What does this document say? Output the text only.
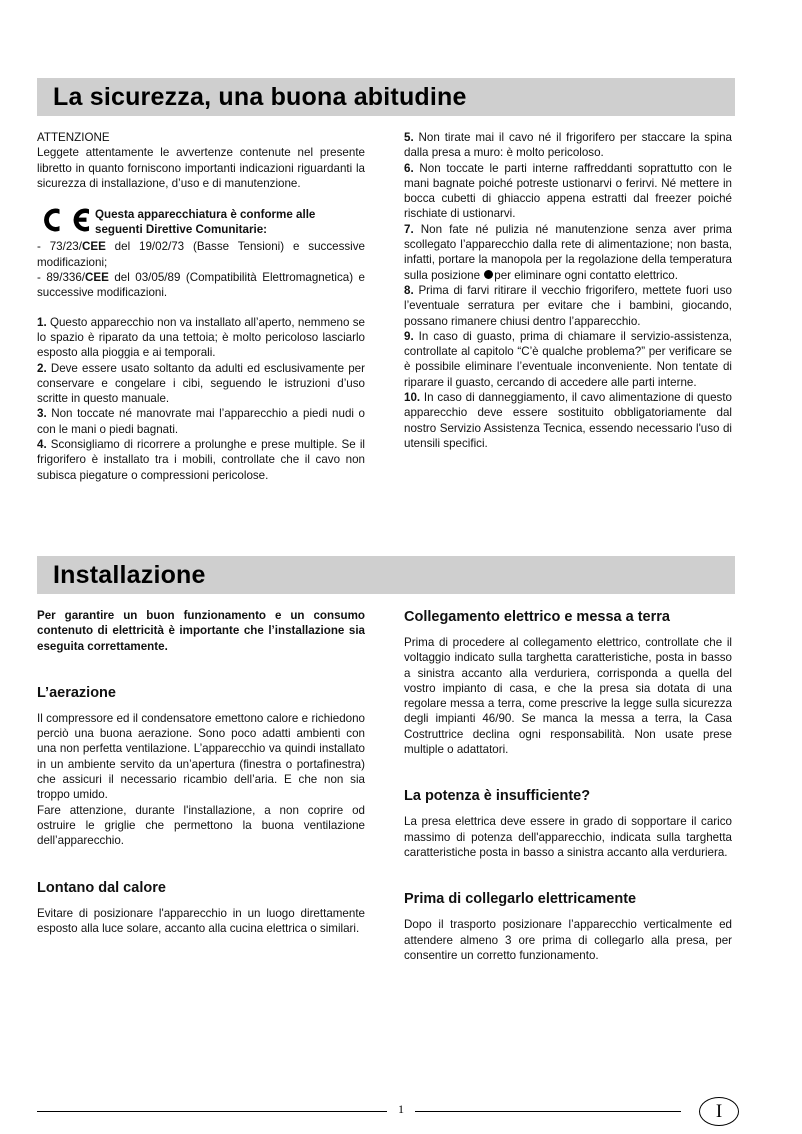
La sicurezza, una buona abitudine

ATTENZIONE

Leggete attentamente le avvertenze contenute nel presente libretto in quanto forniscono importanti indicazioni riguardanti la sicurezza di installazione, d’uso e di manutenzione.

Questa apparecchiatura è conforme alle seguenti Direttive Comunitarie:

- 73/23/CEE del 19/02/73 (Basse Tensioni) e successive modificazioni;

- 89/336/CEE del 03/05/89 (Compatibilità Elettromagnetica) e successive modificazioni.

1. Questo apparecchio non va installato all’aperto, nemmeno se lo spazio è riparato da una tettoia; è molto pericoloso lasciarlo esposto alla pioggia e ai temporali.

2. Deve essere usato soltanto da adulti ed esclusivamente per conservare e congelare i cibi, seguendo le istruzioni d’uso scritte in questo manuale.

3. Non toccate né manovrate mai l’apparecchio a piedi nudi o con le mani o piedi bagnati.

4. Sconsigliamo di ricorrere a prolunghe e prese multiple. Se il frigorifero è installato tra i mobili, controllate che il cavo non subisca piegature o compressioni pericolose.

5. Non tirate mai il cavo né il frigorifero per staccare la spina dalla presa a muro: è molto pericoloso.

6. Non toccate le parti interne raffreddanti soprattutto con le mani bagnate poiché potreste ustionarvi o ferirvi. Né mettere in bocca cubetti di ghiaccio appena estratti dal freezer poiché rischiate di ustionarvi.

7. Non fate né pulizia né manutenzione senza aver prima scollegato l’apparecchio dalla rete di alimentazione; non basta, infatti, portare la manopola per la regolazione della temperatura sulla posizione per eliminare ogni contatto elettrico.

8. Prima di farvi ritirare il vecchio frigorifero, mettete fuori uso l’eventuale serratura per evitare che i bambini, giocando, possano rimanere chiusi dentro l’apparecchio.

9. In caso di guasto, prima di chiamare il servizio-assistenza, controllate al capitolo “C’è qualche problema?” per verificare se è possibile eliminare l’eventuale inconveniente. Non tentate di riparare il guasto, cercando di accedere alle parti interne.

10. In caso di danneggiamento, il cavo alimentazione di questo apparecchio deve essere sostituito obbligatoriamente dal nostro Servizio Assistenza Tecnica, essendo necessario l'uso di utensili specifici.

Installazione

Per garantire un buon funzionamento e un consumo contenuto di elettricità è importante che l’installazione sia eseguita correttamente.

L’aerazione

Il compressore ed il condensatore emettono calore e richiedono perciò una buona aerazione. Sono poco adatti ambienti con una non perfetta ventilazione. L’apparecchio va quindi installato in un ambiente servito da un’apertura (finestra o portafinestra) che assicuri il necessario ricambio dell’aria. E che non sia troppo umido.

Fare attenzione, durante l'installazione, a non coprire od ostruire le griglie che permettono la buona ventilazione dell’apparecchio.

Lontano dal calore

Evitare di posizionare l'apparecchio in un luogo direttamente esposto alla luce solare, accanto alla cucina elettrica o similari.

Collegamento elettrico e messa a terra

Prima di procedere al collegamento elettrico, controllate che il voltaggio indicato sulla targhetta caratteristiche, posta in basso a sinistra accanto alla verduriera, corrisponda a quella del vostro impianto di casa, e che la presa sia dotata di una regolare messa a terra, come prescrive la legge sulla sicurezza degli impianti 46/90. Se manca la messa a terra, la Casa Costruttrice declina ogni responsabilità. Non usate prese multiple o adattatori.

La potenza è insufficiente?

La presa elettrica deve essere in grado di sopportare il carico massimo di potenza dell'apparecchio, indicata sulla targhetta caratteristiche posta in basso a sinistra accanto alla verduriera.

Prima di collegarlo elettricamente

Dopo il trasporto posizionare l’apparecchio verticalmente ed attendere almeno 3 ore prima di collegarlo alla presa, per consentire un corretto funzionamento.

1	I
